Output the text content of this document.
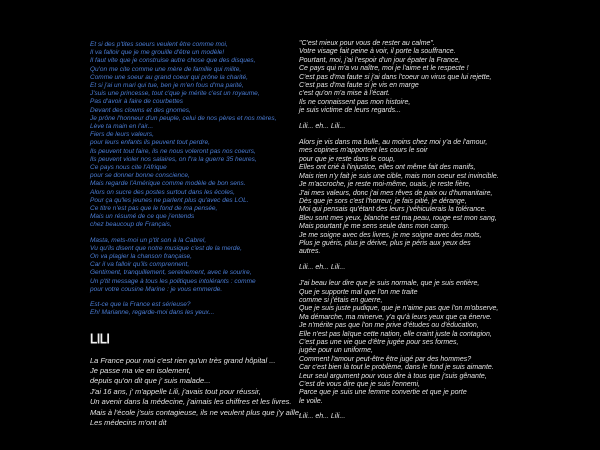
Et si des p'tites soeurs veulent être comme moi,
Il va falloir que je me grouille d'être un modèle!
Il faut vite que je construise autre chose que des disques,
Qu'on me cite comme une mère de famille qui milite,
Comme une soeur au grand coeur qui prône la charité,
Et si j'ai un mari qui tue, ben je m'en fous d'ma parité,
J'suis une princesse, tout c'que je mérite c'est un royaume,
Pas d'avoir à faire de courbettes
Devant des clowns et des gnomes,
Je prône l'honneur d'un peuple, celui de nos pères et nos mères,
Lève ta main en l'air...
Fiers de leurs valeurs,
pour leurs enfants ils peuvent tout perdre,
Ils peuvent tout faire, ils ne nous voleront pas nos coeurs,
Ils peuvent violer nos salaires, on f'ra la guerre 35 heures,
Ce pays nous cite l'Afrique
pour se donner bonne conscience,
Mais regarde l'Amérique comme modèle de bon sens.
Alors on sucre des postes surtout dans les écoles,
Pour ça qu'les jeunes ne parlent plus qu'avec des LOL.
Ce titre n'est pas que le fond de ma pensée,
Mais un résumé de ce que j'entends
chez beaucoup de Français,

Masta, mets-moi un p'tit son à la Cabrel,
Vu qu'ils disent que notre musique c'est de la merde,
On va plagier la chanson française,
Car il va falloir qu'ils comprennent,
Gentiment, tranquillement, sereinement, avec le sourire,
Un p'tit message à tous les politiques intolérants : comme
pour votre cousine Marine : je vous emmerde.

Est-ce que la France est sérieuse?
Eh! Marianne, regarde-moi dans les yeux...

LILI

La France pour moi c'est rien qu'un très grand hôpital ...
Je passe ma vie en isolement,
depuis qu'on dit que j' suis malade...
J'ai 16 ans, j' m'appelle Lili, j'avais tout pour réussir,
Un avenir dans la médecine, j'aimais les chiffres et les livres.
Mais à l'école j'suis contagieuse, ils ne veulent plus que j'y aille,
Les médecins m'ont dit

"C'est mieux pour vous de rester au calme".
Votre visage fait peine à voir, il porte la souffrance.
Pourtant, moi, j'ai l'espoir d'un jour épater la France,
Ce pays qui m'a vu naître, moi je l'aime et le respecte !
C'est pas d'ma faute si j'ai dans l'coeur un virus que lui rejette,
C'est pas d'ma faute si je vis en marge
c'est qu'on m'a mise à l'écart.
Ils ne connaissent pas mon histoire,
je suis victime de leurs regards...

Lili... eh... Lili...

Alors je vis dans ma bulle, au moins chez moi y'a de l'amour,
mes copines m'apportent les cours le soir
pour que je reste dans le coup,
Elles ont crié à l'injustice, elles ont même fait des manifs,
Mais rien n'y fait je suis une cible, mais mon coeur est invincible.
Je m'accroche, je reste moi-même, ouais, je reste fière,
J'ai mes valeurs, donc j'ai mes rêves de paix ou d'humanitaire,
Dès que je sors c'est l'horreur, je fais pitié, je dérange,
Moi qui pensais qu'étant des leurs j'véhiculerais la tolérance.
Bleu sont mes yeux, blanche est ma peau, rouge est mon sang,
Mais pourtant je me sens seule dans mon camp.
Je me soigne avec des livres, je me soigne avec des mots,
Plus je guéris, plus je dérive, plus je péris aux yeux des
autres.

Lili... eh... Lili...

J'ai beau leur dire que je suis normale, que je suis entière,
Que je supporte mal que l'on me traite
comme si j'étais en guerre,
Que je suis juste pudique, que je n'aime pas que l'on m'observe,
Ma démarche, ma minerve, y'a qu'à leurs yeux que ça énerve.
Je n'mérite pas que l'on me prive d'études ou d'éducation,
Elle n'est pas laïque cette nation, elle craint juste la contagion,
C'est pas une vie que d'être jugée pour ses formes,
jugée pour un uniforme,
Comment l'amour peut-être être jugé par des hommes?
Car c'est bien là tout le problème, dans le fond je suis aimante.
Leur seul argument pour vous dire à tous que j'suis gênante,
C'est de vous dire que je suis l'ennemi,
Parce que je suis une femme convertie et que je porte
le voile.

Lili... eh... Lili...
